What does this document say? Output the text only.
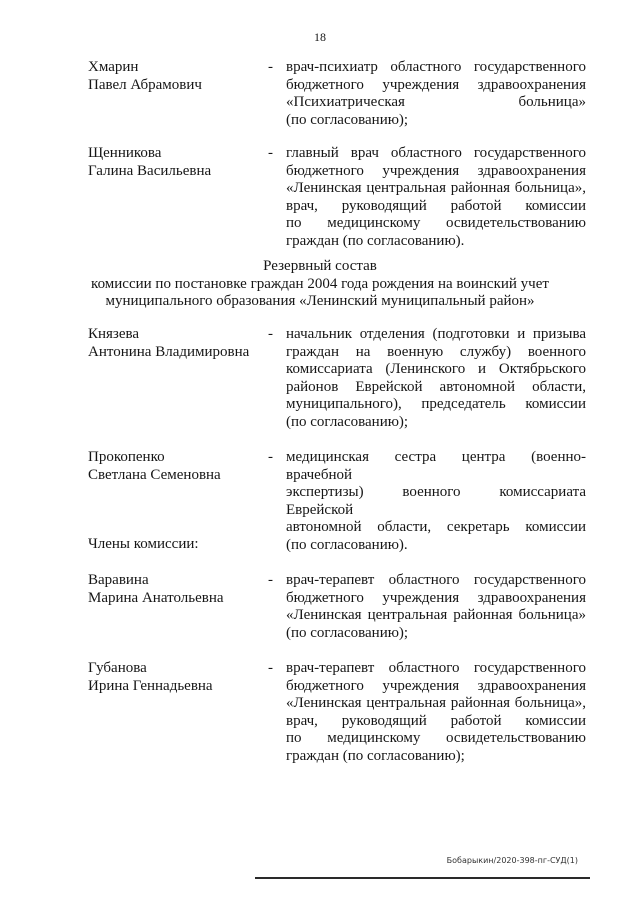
18
Хмарин
Павел Абрамович
- врач-психиатр областного государственного
бюджетного учреждения здравоохранения
«Психиатрическая больница»
(по согласованию);
Щенникова
Галина Васильевна
- главный врач областного государственного
бюджетного учреждения здравоохранения
«Ленинская центральная районная больница»,
врач, руководящий работой комиссии
по медицинскому освидетельствованию
граждан (по согласованию).
Резервный состав
комиссии по постановке граждан 2004 года рождения на воинский учет
муниципального образования «Ленинский муниципальный район»
Князева
Антонина Владимировна
- начальник отделения (подготовки и призыва
граждан на военную службу) военного
комиссариата (Ленинского и Октябрьского
районов Еврейской автономной области,
муниципального), председатель комиссии
(по согласованию);
Прокопенко
Светлана Семеновна
- медицинская сестра центра (военно-врачебной
экспертизы) военного комиссариата Еврейской
автономной области, секретарь комиссии
(по согласованию).
Члены комиссии:
Варавина
Марина Анатольевна
- врач-терапевт областного государственного
бюджетного учреждения здравоохранения
«Ленинская центральная районная больница»
(по согласованию);
Губанова
Ирина Геннадьевна
- врач-терапевт областного государственного
бюджетного учреждения здравоохранения
«Ленинская центральная районная больница»,
врач, руководящий работой комиссии
по медицинскому освидетельствованию
граждан (по согласованию);
Бобарыкин/2020-398-пг-СУД(1)
